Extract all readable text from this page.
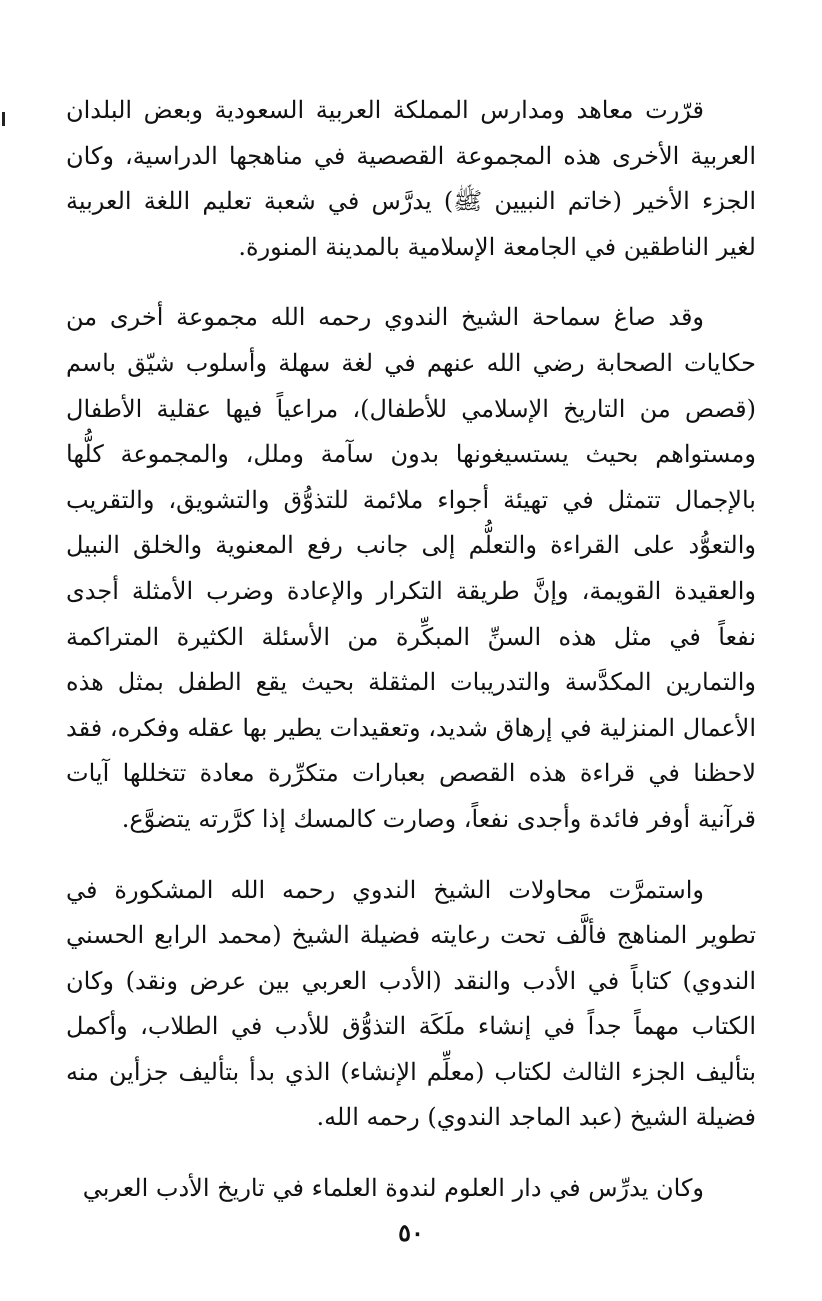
قرّرت معاهد ومدارس المملكة العربية السعودية وبعض البلدان العربية الأخرى هذه المجموعة القصصية في مناهجها الدراسية، وكان الجزء الأخير (خاتم النبيين ﷺ) يدرَّس في شعبة تعليم اللغة العربية لغير الناطقين في الجامعة الإسلامية بالمدينة المنورة.

وقد صاغ سماحة الشيخ الندوي رحمه الله مجموعة أخرى من حكايات الصحابة رضي الله عنهم في لغة سهلة وأسلوب شيّق باسم (قصص من التاريخ الإسلامي للأطفال)، مراعياً فيها عقلية الأطفال ومستواهم بحيث يستسيغونها بدون سآمة وملل، والمجموعة كلُّها بالإجمال تتمثل في تهيئة أجواء ملائمة للتذوُّق والتشويق، والتقريب والتعوُّد على القراءة والتعلُّم إلى جانب رفع المعنوية والخلق النبيل والعقيدة القويمة، وإنَّ طريقة التكرار والإعادة وضرب الأمثلة أجدى نفعاً في مثل هذه السنِّ المبكِّرة من الأسئلة الكثيرة المتراكمة والتمارين المكدَّسة والتدريبات المثقلة بحيث يقع الطفل بمثل هذه الأعمال المنزلية في إرهاق شديد، وتعقيدات يطير بها عقله وفكره، فقد لاحظنا في قراءة هذه القصص بعبارات متكرِّرة معادة تتخللها آيات قرآنية أوفر فائدة وأجدى نفعاً، وصارت كالمسك إذا كرَّرته يتضوَّع.

واستمرَّت محاولات الشيخ الندوي رحمه الله المشكورة في تطوير المناهج فألَّف تحت رعايته فضيلة الشيخ (محمد الرابع الحسني الندوي) كتاباً في الأدب والنقد (الأدب العربي بين عرض ونقد) وكان الكتاب مهماً جداً في إنشاء ملَكَة التذوُّق للأدب في الطلاب، وأكمل بتأليف الجزء الثالث لكتاب (معلِّم الإنشاء) الذي بدأ بتأليف جزأين منه فضيلة الشيخ (عبد الماجد الندوي) رحمه الله.

وكان يدرِّس في دار العلوم لندوة العلماء في تاريخ الأدب العربي

٥٠
